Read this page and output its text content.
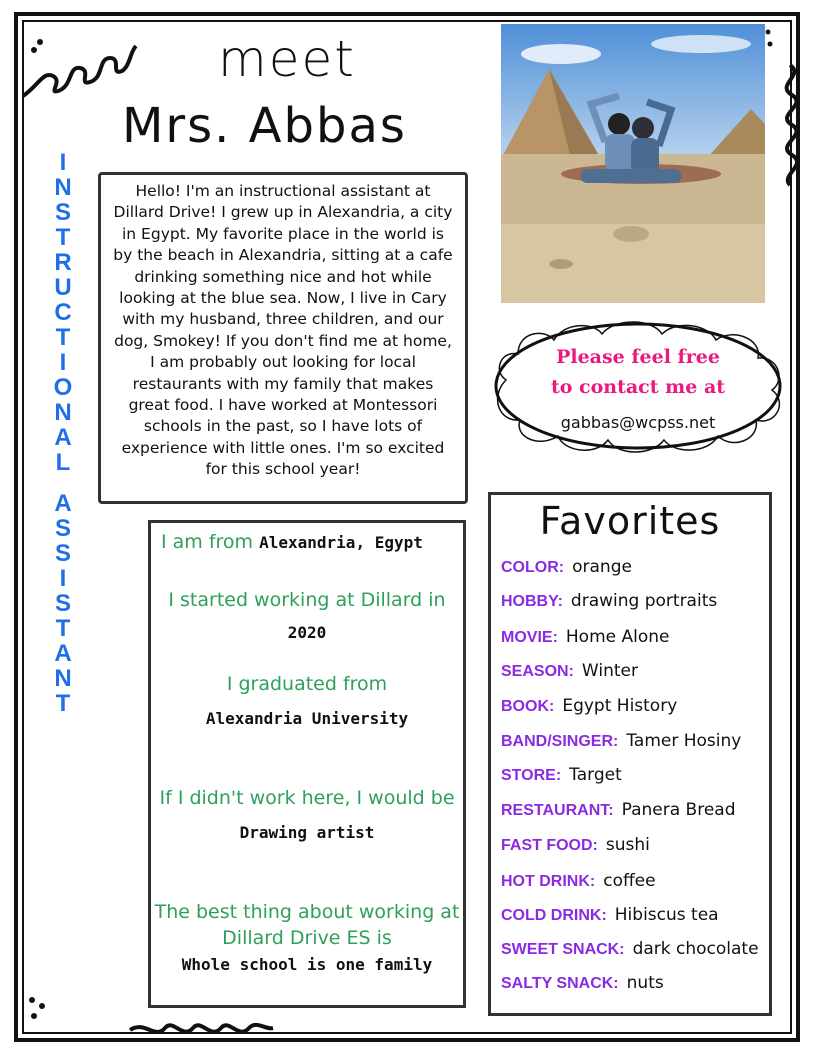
meet
Mrs. Abbas
I
N
S
T
R
U
C
T
I
O
N
A
L
A
S
S
I
S
T
A
N
T
Hello! I'm an instructional assistant at Dillard Drive! I grew up in Alexandria, a city in Egypt. My favorite place in the world is by the beach in Alexandria, sitting at a cafe drinking something nice and hot while looking at the blue sea. Now, I live in Cary with my husband, three children, and our dog, Smokey! If you don't find me at home, I am probably out looking for local restaurants with my family that makes great food. I have worked at Montessori schools in the past, so I have lots of experience with little ones. I'm so excited for this school year!
Please feel free
to contact me at
gabbas@wcpss.net
I am from Alexandria, Egypt
I started working at Dillard in
2020
I graduated from
Alexandria University
If I didn't work here, I would be
Drawing artist
The best thing about working at
Dillard Drive ES is
Whole school is one family
Favorites
COLOR: orange
HOBBY: drawing portraits
MOVIE: Home Alone
SEASON: Winter
BOOK: Egypt History
BAND/SINGER: Tamer Hosiny
STORE: Target
RESTAURANT: Panera Bread
FAST FOOD: sushi
HOT DRINK: coffee
COLD DRINK: Hibiscus tea
SWEET SNACK: dark chocolate
SALTY SNACK: nuts
